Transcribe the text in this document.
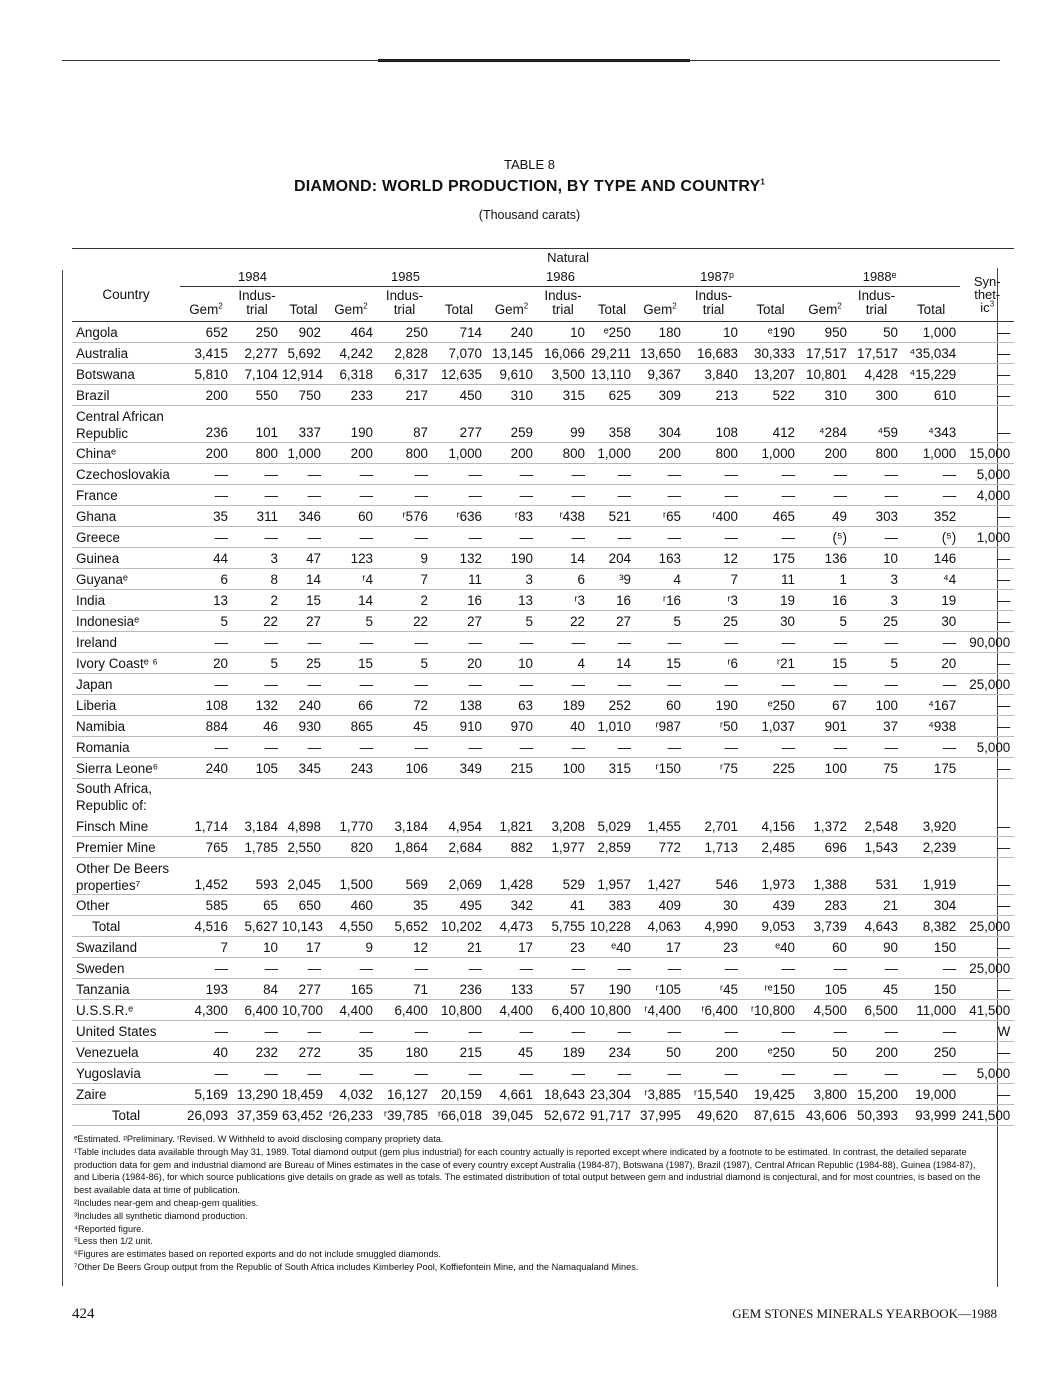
TABLE 8
DIAMOND: WORLD PRODUCTION, BY TYPE AND COUNTRY$^1$
(Thousand carats)
	Natural															
Country	1984			1985			1986			1987ᵖ			1988ᵉ			Syn-
thet-
$ic^3$
	Gem$^2$	Indus-
trial	Total	Gem$^2$	Indus-
trial	Total	Gem$^2$	Indus-
trial	Total	Gem$^2$	Indus-
trial	Total	Gem$^2$	Indus-
trial	Total	

Angola	652	250	902	464	250	714	240	10	ᵉ250	180	10	ᵉ190	950	50	1,000	—
Australia	3,415	2,277	5,692	4,242	2,828	7,070	13,145	16,066	29,211	13,650	16,683	30,333	17,517	17,517	⁴35,034	—
Botswana	5,810	7,104	12,914	6,318	6,317	12,635	9,610	3,500	13,110	9,367	3,840	13,207	10,801	4,428	⁴15,229	—
Brazil	200	550	750	233	217	450	310	315	625	309	213	522	310	300	610	—
Central African Republic	236	101	337	190	87	277	259	99	358	304	108	412	⁴284	⁴59	⁴343	—
Chinaᵉ	200	800	1,000	200	800	1,000	200	800	1,000	200	800	1,000	200	800	1,000	15,000
Czechoslovakia	—	—	—	—	—	—	—	—	—	—	—	—	—	—	—	5,000
France	—	—	—	—	—	—	—	—	—	—	—	—	—	—	—	4,000
Ghana	35	311	346	60	ʳ576	ʳ636	ʳ83	ʳ438	521	ʳ65	ʳ400	465	49	303	352	—
Greece	—	—	—	—	—	—	—	—	—	—	—	—	(⁵)	—	(⁵)	1,000
Guinea	44	3	47	123	9	132	190	14	204	163	12	175	136	10	146	—
Guyanaᵉ	6	8	14	ʳ4	7	11	3	6	³9	4	7	11	1	3	⁴4	—
India	13	2	15	14	2	16	13	ʳ3	16	ʳ16	ʳ3	19	16	3	19	—
Indonesiaᵉ	5	22	27	5	22	27	5	22	27	5	25	30	5	25	30	—
Ireland	—	—	—	—	—	—	—	—	—	—	—	—	—	—	—	90,000
Ivory Coastᵉ ⁶	20	5	25	15	5	20	10	4	14	15	ʳ6	ʳ21	15	5	20	—
Japan	—	—	—	—	—	—	—	—	—	—	—	—	—	—	—	25,000
Liberia	108	132	240	66	72	138	63	189	252	60	190	ᵉ250	67	100	⁴167	—
Namibia	884	46	930	865	45	910	970	40	1,010	ʳ987	ʳ50	1,037	901	37	⁴938	—
Romania	—	—	—	—	—	—	—	—	—	—	—	—	—	—	—	5,000
Sierra Leone⁶	240	105	345	243	106	349	215	100	315	ʳ150	ʳ75	225	100	75	175	—
South Africa,
Republic of:																
Finsch Mine	1,714	3,184	4,898	1,770	3,184	4,954	1,821	3,208	5,029	1,455	2,701	4,156	1,372	2,548	3,920	—
Premier Mine	765	1,785	2,550	820	1,864	2,684	882	1,977	2,859	772	1,713	2,485	696	1,543	2,239	—
Other De Beers properties⁷	1,452	593	2,045	1,500	569	2,069	1,428	529	1,957	1,427	546	1,973	1,388	531	1,919	—
Other	585	65	650	460	35	495	342	41	383	409	30	439	283	21	304	—
Total	4,516	5,627	10,143	4,550	5,652	10,202	4,473	5,755	10,228	4,063	4,990	9,053	3,739	4,643	8,382	25,000
Swaziland	7	10	17	9	12	21	17	23	ᵉ40	17	23	ᵉ40	60	90	150	—
Sweden	—	—	—	—	—	—	—	—	—	—	—	—	—	—	—	25,000
Tanzania	193	84	277	165	71	236	133	57	190	ʳ105	ʳ45	ʳᵉ150	105	45	150	—
U.S.S.R.ᵉ	4,300	6,400	10,700	4,400	6,400	10,800	4,400	6,400	10,800	ʳ4,400	ʳ6,400	ʳ10,800	4,500	6,500	11,000	41,500
United States	—	—	—	—	—	—	—	—	—	—	—	—	—	—	—	W
Venezuela	40	232	272	35	180	215	45	189	234	50	200	ᵉ250	50	200	250	—
Yugoslavia	—	—	—	—	—	—	—	—	—	—	—	—	—	—	—	5,000
Zaire	5,169	13,290	18,459	4,032	16,127	20,159	4,661	18,643	23,304	ʳ3,885	ʳ15,540	19,425	3,800	15,200	19,000	—
Total	26,093	37,359	63,452	ʳ26,233	ʳ39,785	ʳ66,018	39,045	52,672	91,717	37,995	49,620	87,615	43,606	50,393	93,999	241,500

ᵉEstimated. ᵖPreliminary. ʳRevised. W Withheld to avoid disclosing company propriety data.

¹Table includes data available through May 31, 1989. Total diamond output (gem plus industrial) for each country actually is reported except where indicated by a footnote to be estimated. In contrast, the detailed separate production data for gem and industrial diamond are Bureau of Mines estimates in the case of every country except Australia (1984-87), Botswana (1987), Brazil (1987), Central African Republic (1984-88), Guinea (1984-87), and Liberia (1984-86), for which source publications give details on grade as well as totals. The estimated distribution of total output between gem and industrial diamond is conjectural, and for most countries, is based on the best available data at time of publication.

²Includes near-gem and cheap-gem qualities.

³Includes all synthetic diamond production.

⁴Reported figure.

⁵Less then 1/2 unit.

⁶Figures are estimates based on reported exports and do not include smuggled diamonds.

⁷Other De Beers Group output from the Republic of South Africa includes Kimberley Pool, Koffiefontein Mine, and the Namaqualand Mines.

424	GEM STONES MINERALS YEARBOOK—1988
